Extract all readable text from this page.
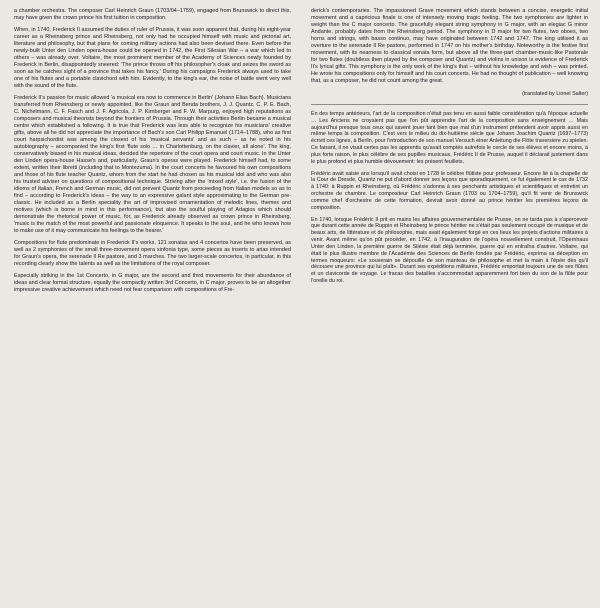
a chamber orchestra. The composer Carl Heinrich Graun (1703/04–1759), engaged from Brunswick to direct this, may have given the crown prince his first tuition in composition.
When, in 1740, Frederick II assumed the duties of ruler of Prussia, it was soon apparent that, during his eight-year career as a Rheinsberg prince and Rheinsberg, not only had he occupied himself with music and pictorial art, literature and philosophy, but that plans for coming military actions had also been devised there. Even before the newly-built Unter den Linden opera-house could be opened in 1742, the First Silesian War – a war which led to others – was already over. Voltaire, the most prominent member of the Academy of Sciences newly founded by Frederick in Berlin, disappointedly sneered: 'The prince throws off his philosopher's cloak and seizes the sword as soon as he catches sight of a province that takes his fancy.' During his campaigns Frederick always used to take one of his flutes and a portable clavichord with him. Evidently, to the king's ear, the noise of battle went very well with the sound of the flute.
Frederick II's passion for music allowed 'a musical era now to commence in Berlin' (Johann Elias Bach). Musicians transferred from Rheinsberg or newly appointed, like the Graun and Benda brothers, J. J. Quantz, C. P. E. Bach, C. Nichelmann, C. F. Fasch and J. F. Agricola, J. P. Kirnberger and F. W. Marpurg, enjoyed high reputations as composers and musical theorists beyond the frontiers of Prussia. Through their activities Berlin became a musical centre which established a following. It is true that Frederick was less able to recognize his musicians' creative gifts, above all he did not appreciate the importance of Bach's son Carl Philipp Emanuel (1714–1788), who as first court harpsichordist was among the closest of his 'musical servants' and as such – as he noted in his autobiography – accompanied the king's first 'flute solo … in Charlottenburg, on the clavier, all alone'. The king, conservatively biased in his musical ideas, decided the repertoire of the court opera and court music. In the Unter den Linden opera-house Hasse's and, particularly, Graun's operas were played. Frederick himself had, to some extent, written their libretti (including that to Montezuma). In the court concerts he favoured his own compositions and those of his flute teacher Quantz, whom from the start he had chosen as his musical idol and who was also his trusted adviser on questions of compositional technique. Striving after the 'mixed style', i.e. the fusion of the idioms of Italian, French and German music, did not prevent Quantz from proceeding from Italian models so as to find – according to Frederick's ideas – the way to an expressive galant style approximating to the German pre-classic. He included as a Berlin speciality the art of improvised ornamentation of melodic lines, themes and motives (which is borne in mind in this performance), but also the soulful playing of Adagios which should demonstrate the rhetorical power of music, for, as Frederick already observed as crown prince in Rheinsberg, 'music is the match of the most powerful and passionate eloquence. It speaks to the soul, and he who knows how to make use of it may communicate his feelings to the hearer.'
Compositions for flute predominate in Frederick II's works. 121 sonatas and 4 concertos have been preserved, as well as 2 symphonies of the small three-movement opera sinfonia type, some pieces as inserts to arias intended for Graun's opera, the serenade Il Re pastore, and 3 marches. The two larger-scale concertos, in particular, in this recording clearly show the talents as well as the limitations of the royal composer.
Especially striking in the 1st Concerto, in G major, are the second and third movements for their abundance of ideas and clear formal structure, equally the compactly written 3rd Concerto, in C major, proves to be an altogether impressive creative achievement which need not fear comparison with compositions of Fre-
derick's contemporaries. The impassioned Grave movement which stands between a concise, energetic initial movement and a capricious finale is one of intensely moving tragic feeling. The two symphonies are lighter in weight than the C major concerto. The gracefully elegant string symphony in G major, with an elegiac G minor Andante, probably dates from the Rheinsberg period. The symphony in D major for two flutes, two oboes, two horns and strings, with basso continuo, may have originated between 1742 and 1747. The king utilised it as overture to the serenade Il Re pastore, performed in 1747 on his mother's birthday. Noteworthy is the festive first movement, with its nearness to classical sonata form, but above all the three-part chamber-music-like Pastorale for two flutes (doubtless then played by the composer and Quantz) and violins in unison is evidence of Frederick II's lyrical gifts. This symphony is the only work of the king's that – without his knowledge and wish – was printed. He wrote his compositions only for himself and his court concerts. He had no thought of publication – well knowing that, as a composer, he did not count among the great.
(translated by Lionel Salter)
Én des temps antérieurs, l'art de la composition n'était pas tenu en aussi faible considération qu'à l'époque actuelle … Les Anciens ne croyaient pas que l'on pût apprendre l'art de la composition sans enseignement … Mais aujourd'hui presque tous ceux qui savent jouer tant bien que mal d'un instrument prétendent avoir appris aussi en même temps la composition. C'est vers le milieu du dix-huitième siècle que Johann Joachim Quantz (1697–1773) écrivit ces lignes, à Berlin, pour l'introduction de son manuel Versuch einer Anleitung die Flöte traversiere zu spielen. Ce faisant, il ne visait certes pas les apprentis qu'avait comptés autrefois le cercle de ses élèves et encore moins, à plus forte raison, le plus célèbre de ses pupilles musicaux, Frédéric II de Prusse, auquel il déclarait justement dans le plus profond et plus humble dévouement: les présent feuillets.
Frédéric avait saisie ans lorsqu'il avait choisi en 1728 le célèbre flûtiste pour professeur. Encore lié à la chapelle de la Cour de Dresde, Quantz ne put d'abord donner ses leçons que sporadiquement, ce fut également le cas de 1732 à 1740: à Ruppin et Rheinsberg, où Frédéric s'adonna à ses penchants artistiques et scientifiques et entretint un orchestre de chambre. Le compositeur Carl Heinrich Graun (1703 ou 1704–1759), qu'il fit venir de Brunswick comme chef d'orchestre de cette formation, devrait avoir donné au prince héritier les premières leçons de composition.
En 1740, lorsque Frédéric II prit en mains les affaires gouvernementales de Prusse, on ne tarda pas à s'apercevoir que durant cette année de Ruppin et Rheinsberg le prince héritier ne s'était pas seulement occupé de musique et de beaux arts, de littérature et de philosophie, mais avait également forgé en ces lieux les projets d'actions militaires à venir. Avant même qu'on pût procéder, en 1742, à l'inauguration de l'opéra nouvellement construit, l'Opernhaus Unter den Linden, la première guerre de Silésie était déjà terminée, guerre qui en entraîna d'autres. Voltaire, qui était le plus illustre membre de l'Académie des Sciences de Berlin fondée par Frédéric, exprima sa déception en termes moqueurs: «Le souverain se dépouille de son manteau de philosophe et met la main à l'épée dès qu'il découvre une province qui lui plaît». Durant ses expéditions militaires, Frédéric emportait toujours une de ses flûtes et un clavicorde de voyage. Le fracas des batailles s'accommodait apparemment fort bien du son de la flûte pour l'oreille du roi.
